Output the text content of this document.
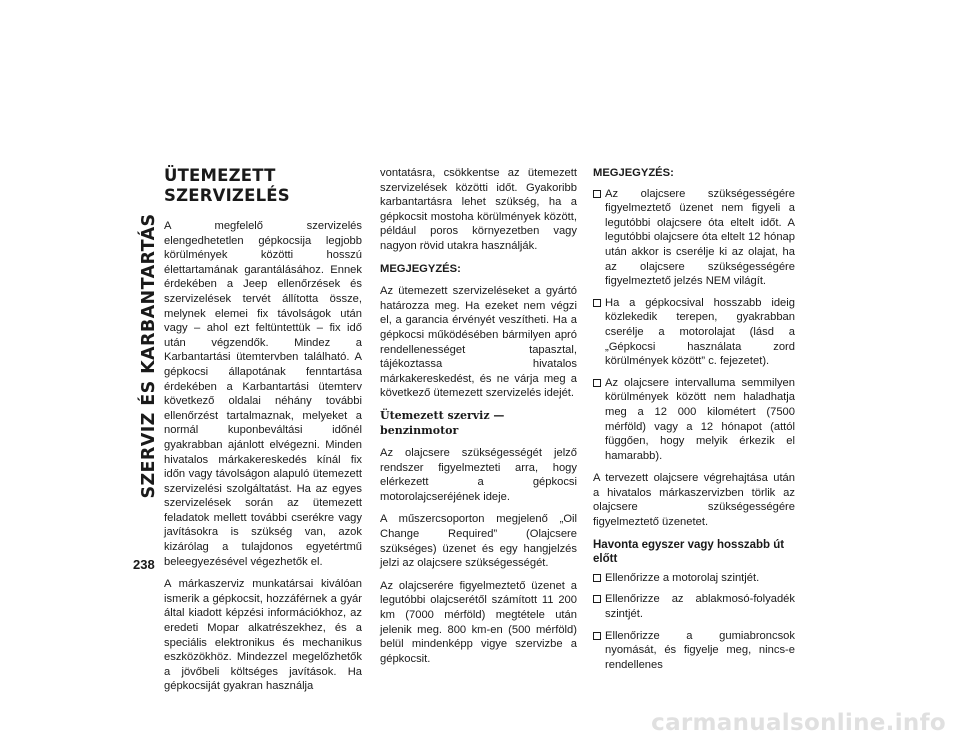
SZERVIZ ÉS KARBANTARTÁS
238
ÜTEMEZETT SZERVIZELÉS

A megfelelő szervizelés elengedhetetlen gépkocsija legjobb körülmények közötti hosszú élettartamának garantálásához. Ennek érdekében a Jeep ellenőrzések és szervizelések tervét állította össze, melynek elemei fix távolságok után vagy – ahol ezt feltüntettük – fix idő után végzendők. Mindez a Karbantartási ütemtervben található. A gépkocsi állapotának fenntartása érdekében a Karbantartási ütemterv következő oldalai néhány további ellenőrzést tartalmaznak, melyeket a normál kuponbeváltási időnél gyakrabban ajánlott elvégezni. Minden hivatalos márkakereskedés kínál fix időn vagy távolságon alapuló ütemezett szervizelési szolgáltatást. Ha az egyes szervizelések során az ütemezett feladatok mellett további cserékre vagy javításokra is szükség van, azok kizárólag a tulajdonos egyetértmű beleegyezésével végezhetők el.

A márkaszerviz munkatársai kiválóan ismerik a gépkocsit, hozzáférnek a gyár által kiadott képzési információkhoz, az eredeti Mopar alkatrészekhez, és a speciális elektronikus és mechanikus eszközökhöz. Mindezzel megelőzhetők a jövőbeli költséges javítások. Ha gépkocsiját gyakran használja

vontatásra, csökkentse az ütemezett szervizelések közötti időt. Gyakoribb karbantartásra lehet szükség, ha a gépkocsit mostoha körülmények között, például poros környezetben vagy nagyon rövid utakra használják.

MEGJEGYZÉS:

Az ütemezett szervizeléseket a gyártó határozza meg. Ha ezeket nem végzi el, a garancia érvényét veszítheti. Ha a gépkocsi működésében bármilyen apró rendellenességet tapasztal, tájékoztassa hivatalos márkakereskedést, és ne várja meg a következő ütemezett szervizelés idejét.

Ütemezett szerviz — benzinmotor

Az olajcsere szükségességét jelző rendszer figyelmezteti arra, hogy elérkezett a gépkocsi motorolajcseréjének ideje.

A műszercsoporton megjelenő „Oil Change Required” (Olajcsere szükséges) üzenet és egy hangjelzés jelzi az olajcsere szükségességét.

Az olajcserére figyelmeztető üzenet a legutóbbi olajcserétől számított 11 200 km (7000 mérföld) megtétele után jelenik meg. 800 km-en (500 mérföld) belül mindenképp vigye szervizbe a gépkocsit.

MEGJEGYZÉS:

Az olajcsere szükségességére figyelmeztető üzenet nem figyeli a legutóbbi olajcsere óta eltelt időt. A legutóbbi olajcsere óta eltelt 12 hónap után akkor is cserélje ki az olajat, ha az olajcsere szükségességére figyelmeztető jelzés NEM világít.
Ha a gépkocsival hosszabb ideig közlekedik terepen, gyakrabban cserélje a motorolajat (lásd a „Gépkocsi használata zord körülmények között” c. fejezetet).
Az olajcsere intervalluma semmilyen körülmények között nem haladhatja meg a 12 000 kilométert (7500 mérföld) vagy a 12 hónapot (attól függően, hogy melyik érkezik el hamarabb).

A tervezett olajcsere végrehajtása után a hivatalos márkaszervizben törlik az olajcsere szükségességére figyelmeztető üzenetet.

Havonta egyszer vagy hosszabb út előtt
Ellenőrizze a motorolaj szintjét.
Ellenőrizze az ablakmosó-folyadék szintjét.
Ellenőrizze a gumiabroncsok nyomását, és figyelje meg, nincs-e rendellenes
carmanualsonline.info
